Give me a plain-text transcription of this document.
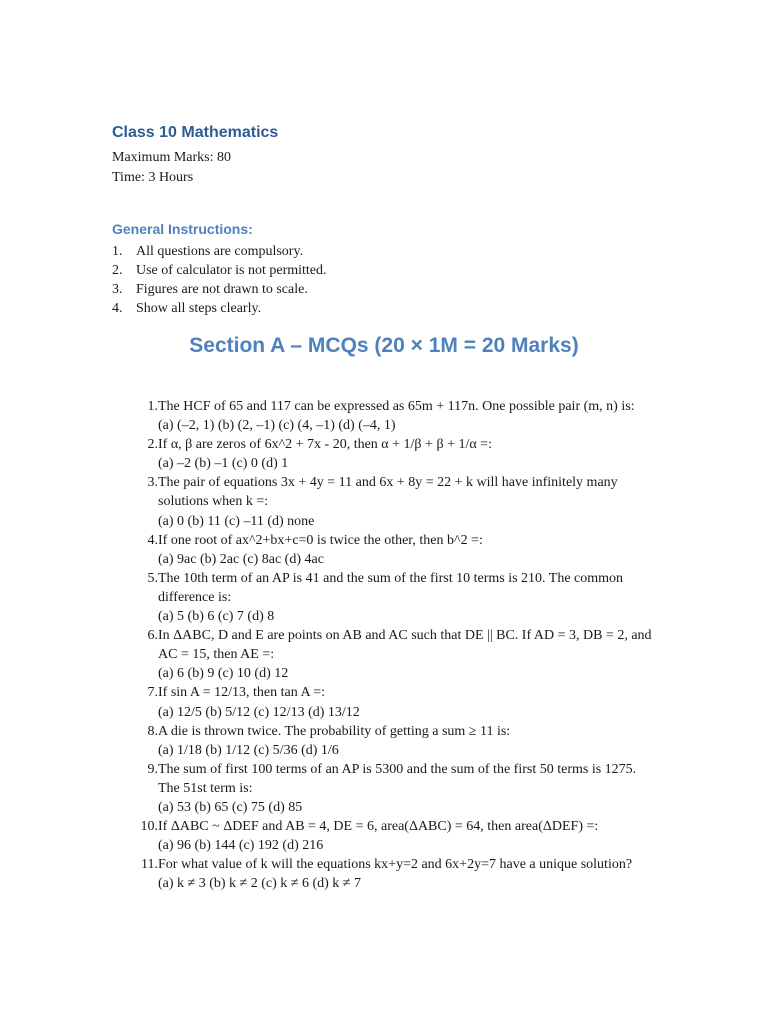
Class 10 Mathematics
Maximum Marks: 80
Time: 3 Hours
General Instructions:
1. All questions are compulsory.
2. Use of calculator is not permitted.
3. Figures are not drawn to scale.
4. Show all steps clearly.
Section A – MCQs (20 × 1M = 20 Marks)
1. The HCF of 65 and 117 can be expressed as 65m + 117n. One possible pair (m, n) is:
(a) (–2, 1) (b) (2, –1) (c) (4, –1) (d) (–4, 1)
2. If α, β are zeros of 6x^2 + 7x - 20, then α + 1/β + β + 1/α =:
(a) –2 (b) –1 (c) 0 (d) 1
3. The pair of equations 3x + 4y = 11 and 6x + 8y = 22 + k will have infinitely many solutions when k =:
(a) 0 (b) 11 (c) –11 (d) none
4. If one root of ax^2+bx+c=0 is twice the other, then b^2 =:
(a) 9ac (b) 2ac (c) 8ac (d) 4ac
5. The 10th term of an AP is 41 and the sum of the first 10 terms is 210. The common difference is:
(a) 5 (b) 6 (c) 7 (d) 8
6. In ΔABC, D and E are points on AB and AC such that DE || BC. If AD = 3, DB = 2, and AC = 15, then AE =:
(a) 6 (b) 9 (c) 10 (d) 12
7. If sin A = 12/13, then tan A =:
(a) 12/5 (b) 5/12 (c) 12/13 (d) 13/12
8. A die is thrown twice. The probability of getting a sum ≥ 11 is:
(a) 1/18 (b) 1/12 (c) 5/36 (d) 1/6
9. The sum of first 100 terms of an AP is 5300 and the sum of the first 50 terms is 1275. The 51st term is:
(a) 53 (b) 65 (c) 75 (d) 85
10. If ΔABC ~ ΔDEF and AB = 4, DE = 6, area(ΔABC) = 64, then area(ΔDEF) =:
(a) 96 (b) 144 (c) 192 (d) 216
11. For what value of k will the equations kx+y=2 and 6x+2y=7 have a unique solution?
(a) k ≠ 3 (b) k ≠ 2 (c) k ≠ 6 (d) k ≠ 7
